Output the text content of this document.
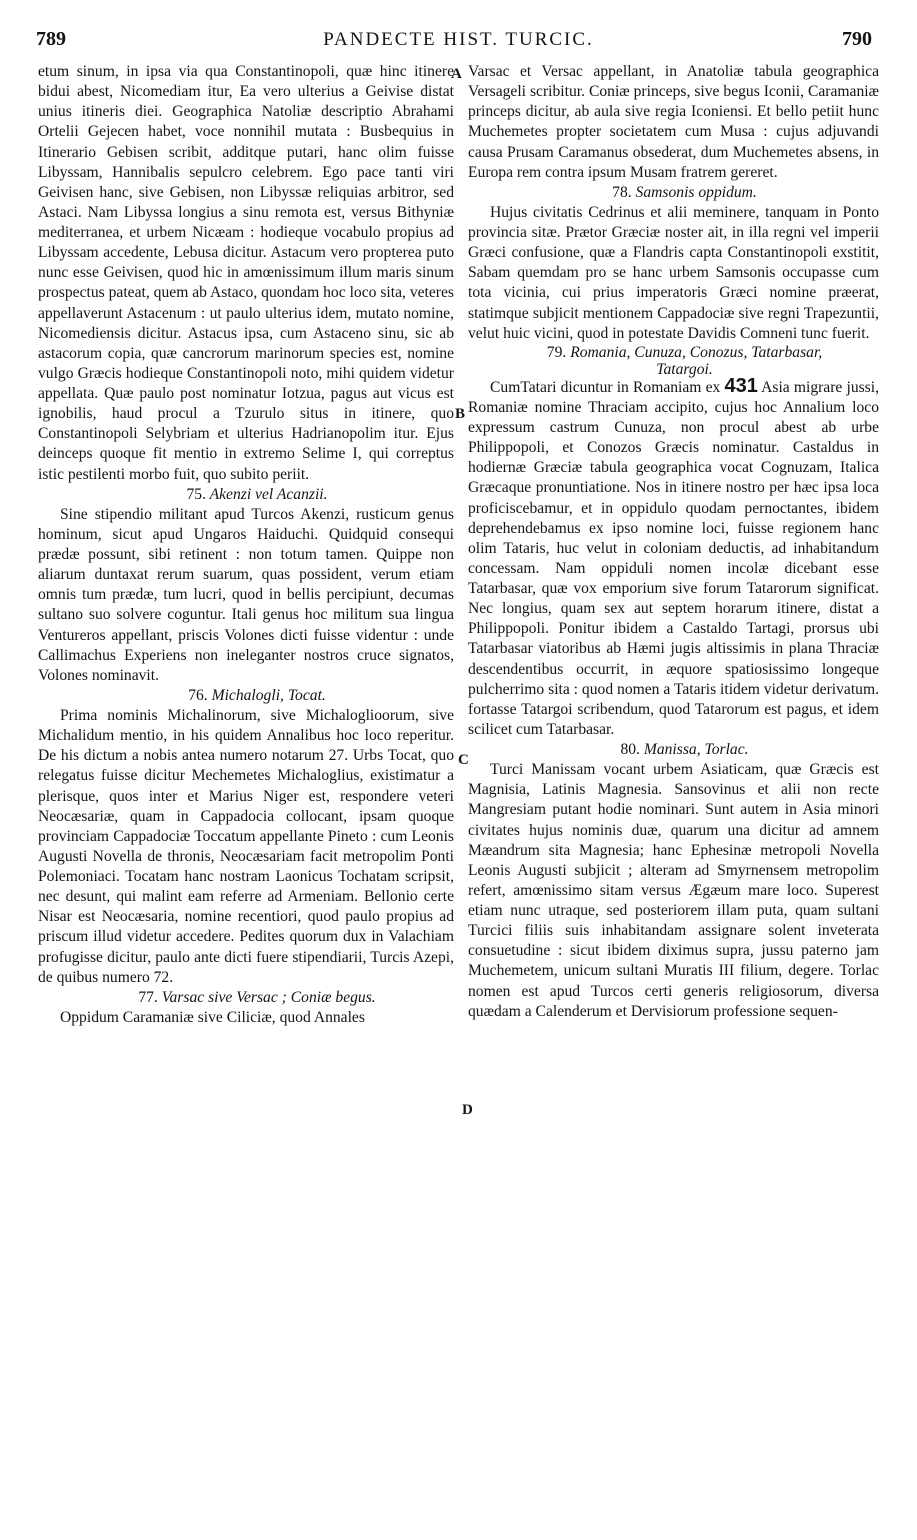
789	PANDECTE HIST. TURCIC.	790
A
B
C
D

etum sinum, in ipsa via qua Constantinopoli, quæ hinc itinere bidui abest, Nicomediam itur, Ea vero ulterius a Geivise distat unius itineris diei. Geographica Natoliæ descriptio Abrahami Ortelii Gejecen habet, voce nonnihil mutata : Busbequius in Itinerario Gebisen scribit, additque putari, hanc olim fuisse Libyssam, Hannibalis sepulcro celebrem. Ego pace tanti viri Geivisen hanc, sive Gebisen, non Libyssæ reliquias arbitror, sed Astaci. Nam Libyssa longius a sinu remota est, versus Bithyniæ mediterranea, et urbem Nicæam : hodieque vocabulo propius ad Libyssam accedente, Lebusa dicitur. Astacum vero propterea puto nunc esse Geivisen, quod hic in amœnissimum illum maris sinum prospectus pateat, quem ab Astaco, quondam hoc loco sita, veteres appellaverunt Astacenum : ut paulo ulterius idem, mutato nomine, Nicomediensis dicitur. Astacus ipsa, cum Astaceno sinu, sic ab astacorum copia, quæ cancrorum marinorum species est, nomine vulgo Græcis hodieque Constantinopoli noto, mihi quidem videtur appellata. Quæ paulo post nominatur Iotzua, pagus aut vicus est ignobilis, haud procul a Tzurulo situs in itinere, quo Constantinopoli Selybriam et ulterius Hadrianopolim itur. Ejus deinceps quoque fit mentio in extremo Selime I, qui correptus istic pestilenti morbo fuit, quo subito periit.

75. Akenzi vel Acanzii.

Sine stipendio militant apud Turcos Akenzi, rusticum genus hominum, sicut apud Ungaros Haiduchi. Quidquid consequi prædæ possunt, sibi retinent : non totum tamen. Quippe non aliarum duntaxat rerum suarum, quas possident, verum etiam omnis tum prædæ, tum lucri, quod in bellis percipiunt, decumas sultano suo solvere coguntur. Itali genus hoc militum sua lingua Ventureros appellant, priscis Volones dicti fuisse videntur : unde Callimachus Experiens non ineleganter nostros cruce signatos, Volones nominavit.

76. Michalogli, Tocat.

Prima nominis Michalinorum, sive Michaloglioorum, sive Michalidum mentio, in his quidem Annalibus hoc loco reperitur. De his dictum a nobis antea numero notarum 27. Urbs Tocat, quo relegatus fuisse dicitur Mechemetes Michaloglius, existimatur a plerisque, quos inter et Marius Niger est, respondere veteri Neocæsariæ, quam in Cappadocia collocant, ipsam quoque provinciam Cappadociæ Toccatum appellante Pineto : cum Leonis Augusti Novella de thronis, Neocæsariam facit metropolim Ponti Polemoniaci. Tocatam hanc nostram Laonicus Tochatam scripsit, nec desunt, qui malint eam referre ad Armeniam. Bellonio certe Nisar est Neocæsaria, nomine recentiori, quod paulo propius ad priscum illud videtur accedere. Pedites quorum dux in Valachiam profugisse dicitur, paulo ante dicti fuere stipendiarii, Turcis Azepi, de quibus numero 72.

77. Varsac sive Versac ; Coniæ begus.

Oppidum Caramaniæ sive Ciliciæ, quod Annales

Varsac et Versac appellant, in Anatoliæ tabula geographica Versageli scribitur. Coniæ princeps, sive begus Iconii, Caramaniæ princeps dicitur, ab aula sive regia Iconiensi. Et bello petiit hunc Muchemetes propter societatem cum Musa : cujus adjuvandi causa Prusam Caramanus obsederat, dum Muchemetes absens, in Europa rem contra ipsum Musam fratrem gereret.

78. Samsonis oppidum.

Hujus civitatis Cedrinus et alii meminere, tanquam in Ponto provincia sitæ. Prætor Græciæ noster ait, in illa regni vel imperii Græci confusione, quæ a Flandris capta Constantinopoli exstitit, Sabam quemdam pro se hanc urbem Samsonis occupasse cum tota vicinia, cui prius imperatoris Græci nomine præerat, statimque subjicit mentionem Cappadociæ sive regni Trapezuntii, velut huic vicini, quod in potestate Davidis Comneni tunc fuerit.

79. Romania, Cunuza, Conozus, Tatarbasar,
Tatargoi.

CumTatari dicuntur in Romaniam ex 431 Asia migrare jussi, Romaniæ nomine Thraciam accipito, cujus hoc Annalium loco expressum castrum Cunuza, non procul abest ab urbe Philippopoli, et Conozos Græcis nominatur. Castaldus in hodiernæ Græciæ tabula geographica vocat Cognuzam, Italica Græcaque pronuntiatione. Nos in itinere nostro per hæc ipsa loca proficiscebamur, et in oppidulo quodam pernoctantes, ibidem deprehendebamus ex ipso nomine loci, fuisse regionem hanc olim Tataris, huc velut in coloniam deductis, ad inhabitandum concessam. Nam oppiduli nomen incolæ dicebant esse Tatarbasar, quæ vox emporium sive forum Tatarorum significat. Nec longius, quam sex aut septem horarum itinere, distat a Philippopoli. Ponitur ibidem a Castaldo Tartagi, prorsus ubi Tatarbasar viatoribus ab Hæmi jugis altissimis in plana Thraciæ descendentibus occurrit, in æquore spatiosissimo longeque pulcherrimo sita : quod nomen a Tataris itidem videtur derivatum. fortasse Tatargoi scribendum, quod Tatarorum est pagus, et idem scilicet cum Tatarbasar.

80. Manissa, Torlac.

Turci Manissam vocant urbem Asiaticam, quæ Græcis est Magnisia, Latinis Magnesia. Sansovinus et alii non recte Mangresiam putant hodie nominari. Sunt autem in Asia minori civitates hujus nominis duæ, quarum una dicitur ad amnem Mæandrum sita Magnesia; hanc Ephesinæ metropoli Novella Leonis Augusti subjicit ; alteram ad Smyrnensem metropolim refert, amœnissimo sitam versus Ægæum mare loco. Superest etiam nunc utraque, sed posteriorem illam puta, quam sultani Turcici filiis suis inhabitandam assignare solent inveterata consuetudine : sicut ibidem diximus supra, jussu paterno jam Muchemetem, unicum sultani Muratis III filium, degere. Torlac nomen est apud Turcos certi generis religiosorum, diversa quædam a Calenderum et Dervisiorum professione sequen-
